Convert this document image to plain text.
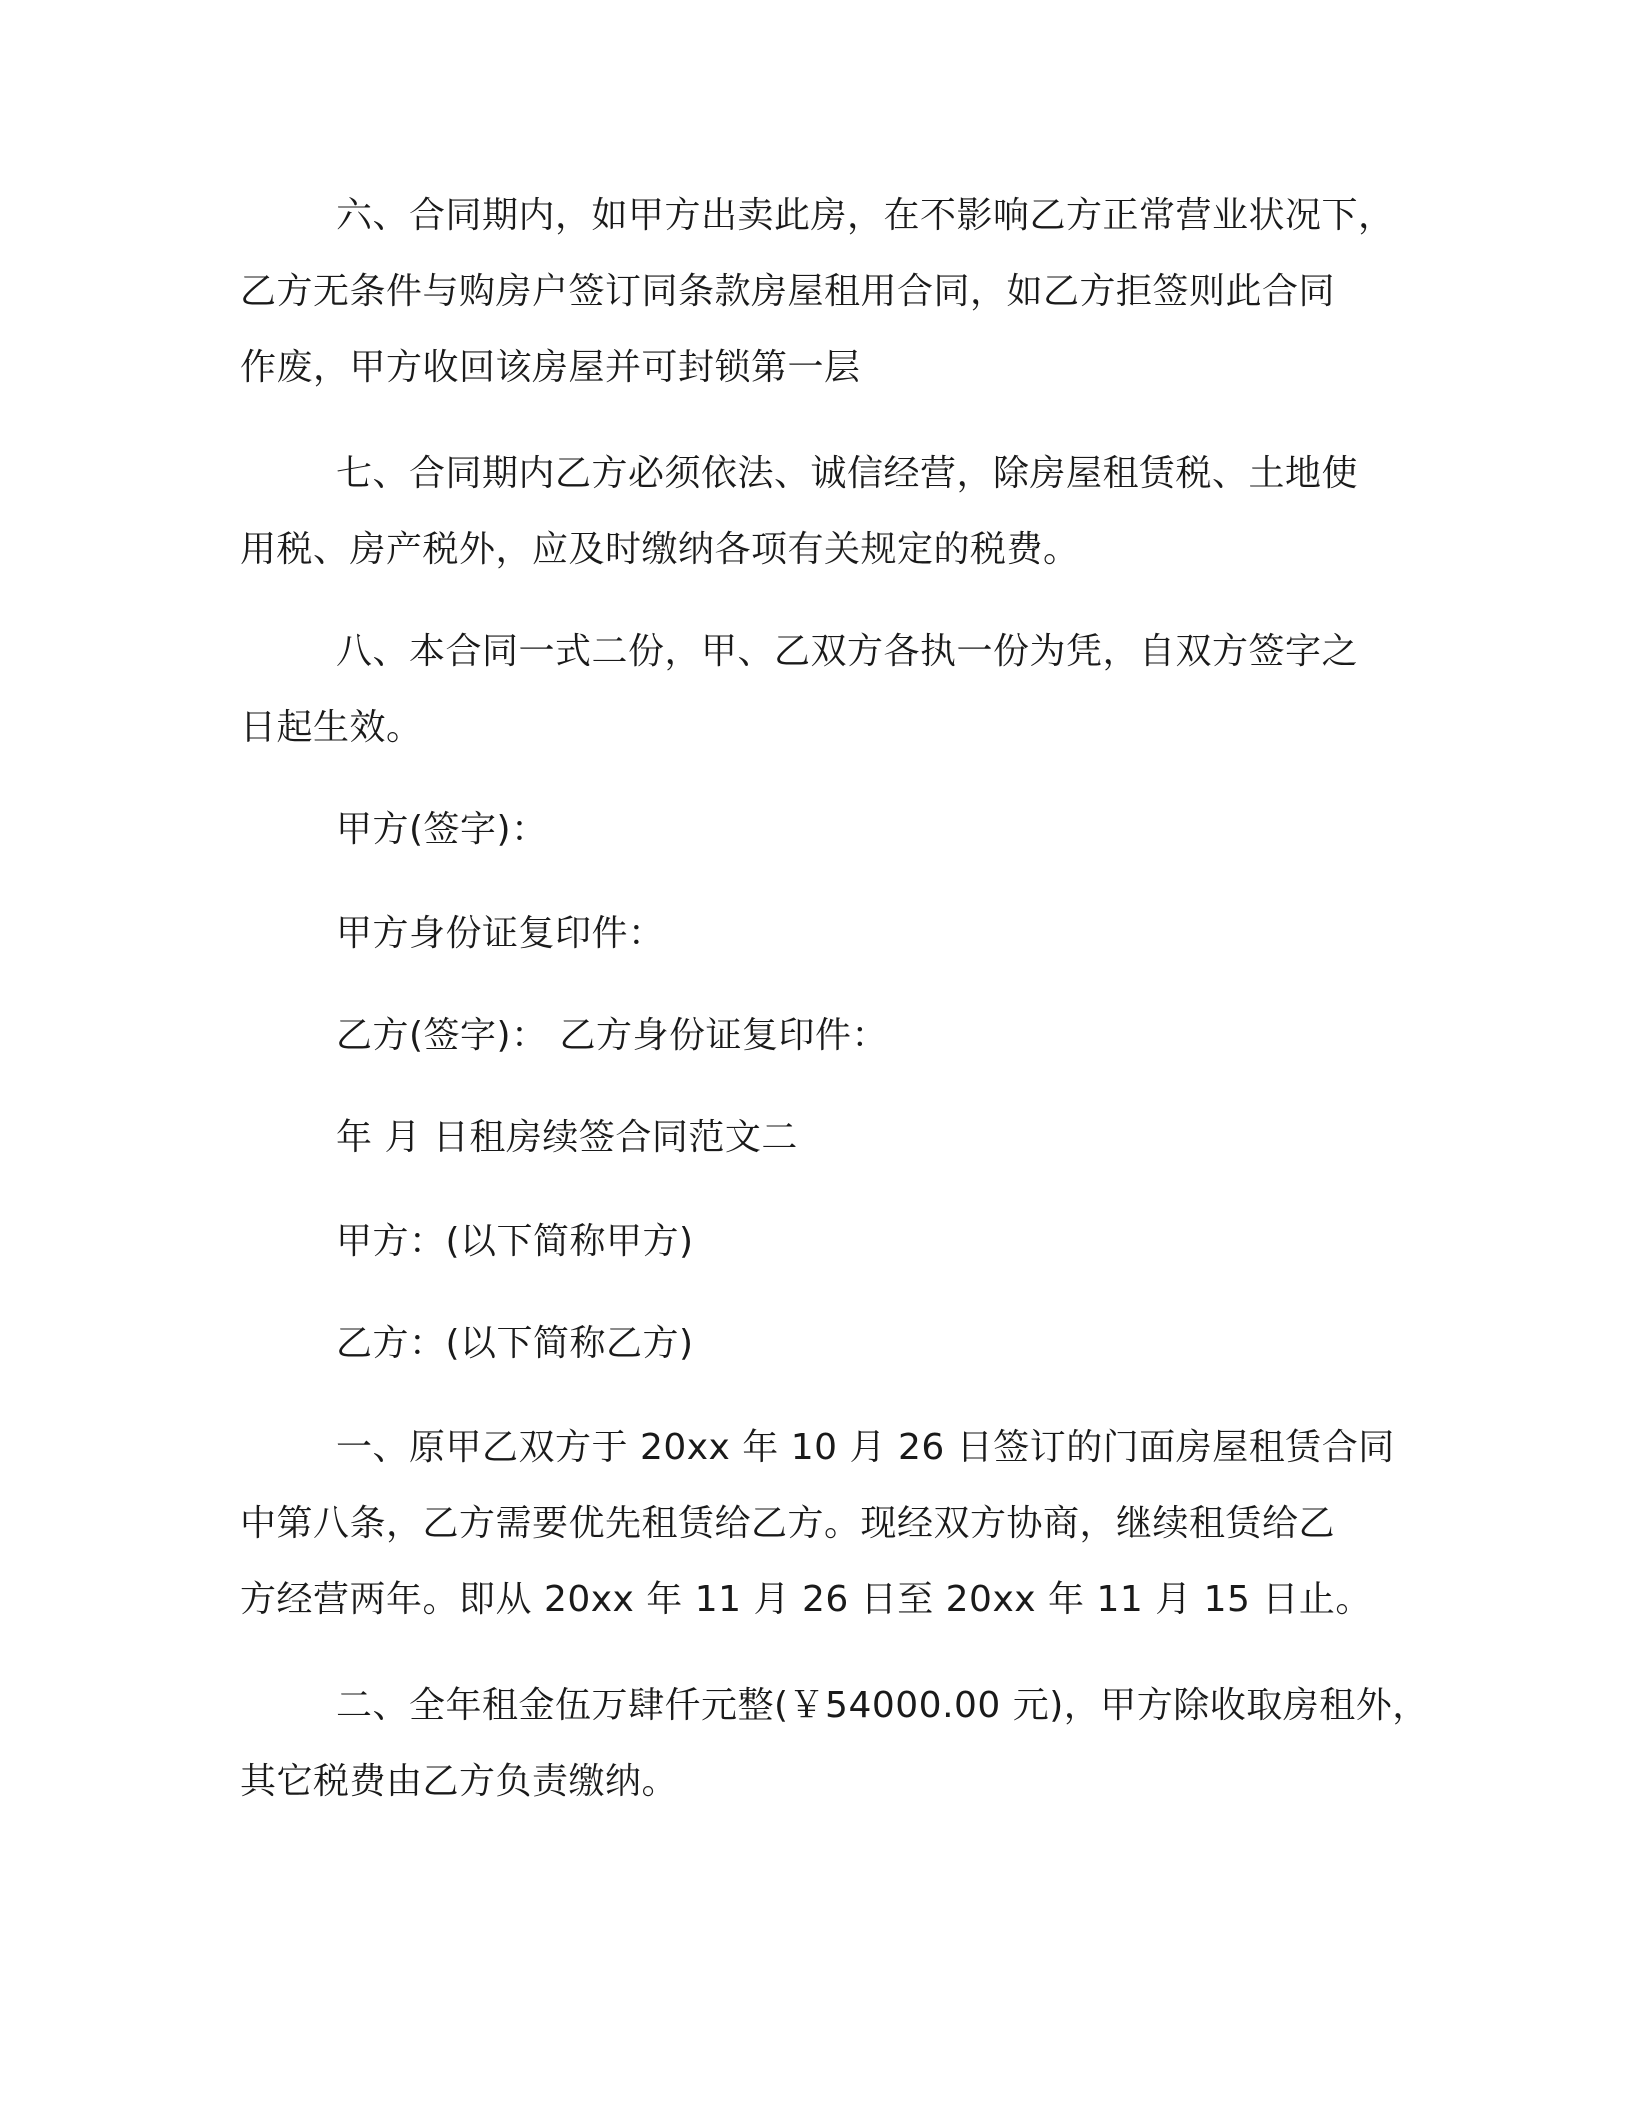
六、合同期内，如甲方出卖此房，在不影响乙方正常营业状况下，
乙方无条件与购房户签订同条款房屋租用合同，如乙方拒签则此合同
作废，甲方收回该房屋并可封锁第一层
七、合同期内乙方必须依法、诚信经营，除房屋租赁税、土地使
用税、房产税外，应及时缴纳各项有关规定的税费。
八、本合同一式二份，甲、乙双方各执一份为凭，自双方签字之
日起生效。

甲方(签字)：

甲方身份证复印件：

乙方(签字)： 乙方身份证复印件：

年 月 日租房续签合同范文二

甲方：(以下简称甲方)

乙方：(以下简称乙方)

一、原甲乙双方于 20xx 年 10 月 26 日签订的门面房屋租赁合同
中第八条，乙方需要优先租赁给乙方。现经双方协商，继续租赁给乙
方经营两年。即从 20xx 年 11 月 26 日至 20xx 年 11 月 15 日止。
二、全年租金伍万肆仟元整(￥54000.00 元)，甲方除收取房租外，
其它税费由乙方负责缴纳。
